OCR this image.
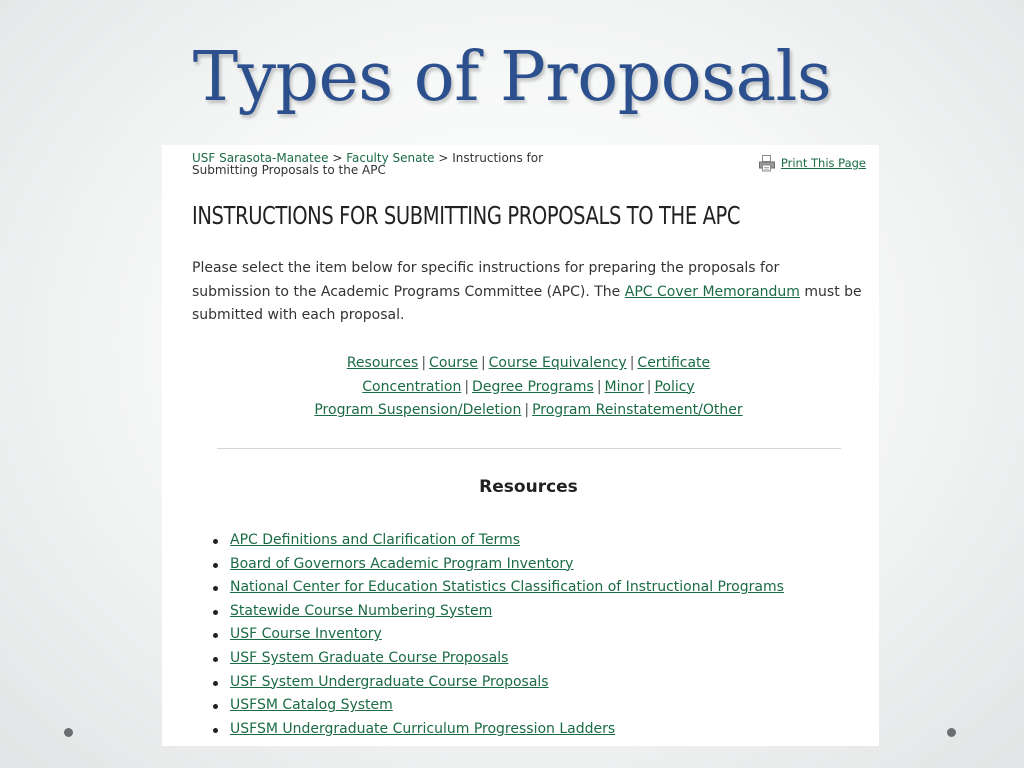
Types of Proposals
USF Sarasota-Manatee > Faculty Senate > Instructions for Submitting Proposals to the APC	Print This Page
INSTRUCTIONS FOR SUBMITTING PROPOSALS TO THE APC

Please select the item below for specific instructions for preparing the proposals for submission to the Academic Programs Committee (APC). The APC Cover Memorandum must be submitted with each proposal.

Resources | Course | Course Equivalency | Certificate
Concentration | Degree Programs | Minor | Policy
Program Suspension/Deletion | Program Reinstatement/Other
Resources
APC Definitions and Clarification of Terms
Board of Governors Academic Program Inventory
National Center for Education Statistics Classification of Instructional Programs
Statewide Course Numbering System
USF Course Inventory
USF System Graduate Course Proposals
USF System Undergraduate Course Proposals
USFSM Catalog System
USFSM Undergraduate Curriculum Progression Ladders
